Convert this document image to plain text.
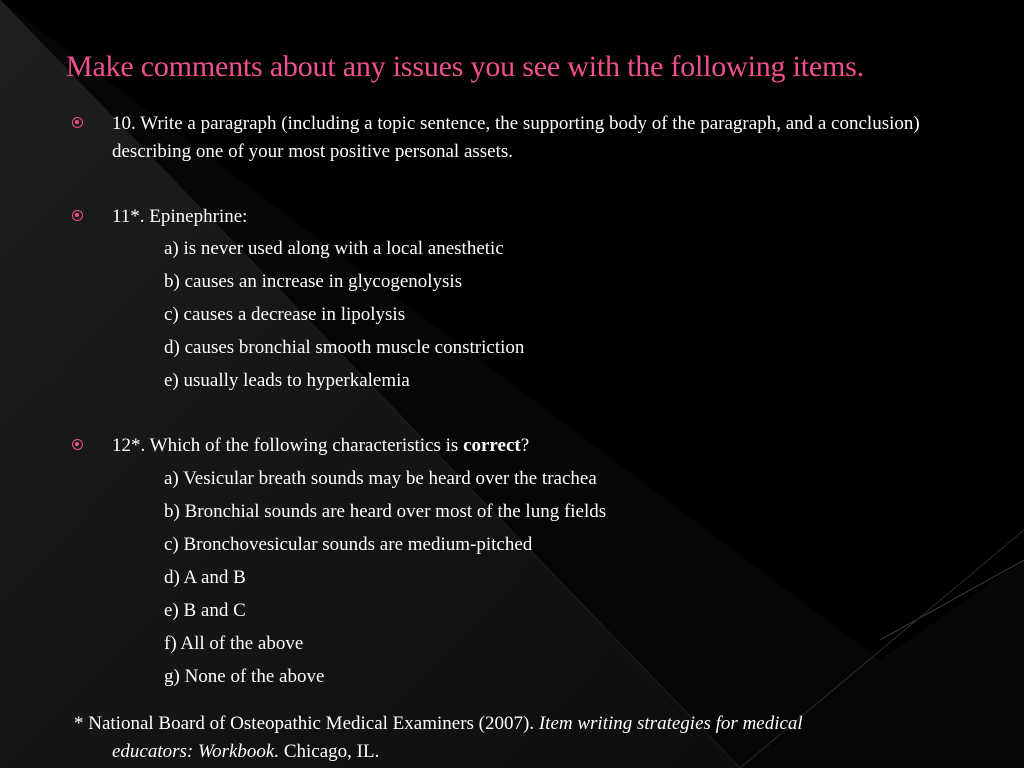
Make comments about any issues you see with the following items.
10. Write a paragraph (including a topic sentence, the supporting body of the paragraph, and a conclusion) describing one of your most positive personal assets.
11*. Epinephrine:
a) is never used along with a local anesthetic
b) causes an increase in glycogenolysis
c) causes a decrease in lipolysis
d) causes bronchial smooth muscle constriction
e) usually leads to hyperkalemia
12*. Which of the following characteristics is correct?
a) Vesicular breath sounds may be heard over the trachea
b) Bronchial sounds are heard over most of the lung fields
c) Bronchovesicular sounds are medium-pitched
d) A and B
e) B and C
f) All of the above
g) None of the above
* National Board of Osteopathic Medical Examiners (2007). Item writing strategies for medical
educators: Workbook. Chicago, IL.
